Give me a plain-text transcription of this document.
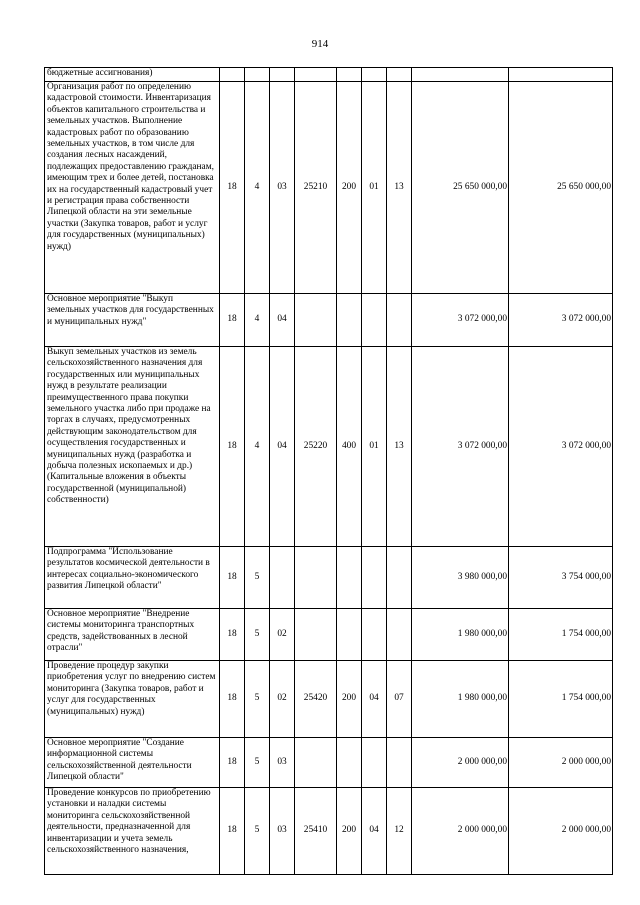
914
бюджетные ассигнования)									
Организация работ по определению кадастровой стоимости. Инвентаризация объектов капитального строительства и земельных участков. Выполнение кадастровых работ по образованию земельных участков, в том числе для создания лесных насаждений, подлежащих предоставлению гражданам, имеющим трех и более детей, постановка их на государственный кадастровый учет и регистрация права собственности Липецкой области на эти земельные участки (Закупка товаров, работ и услуг для государственных (муниципальных) нужд)	18	4	03	25210	200	01	13	25 650 000,00	25 650 000,00
Основное мероприятие "Выкуп земельных участков для государственных и муниципальных нужд"	18	4	04					3 072 000,00	3 072 000,00
Выкуп земельных участков из земель сельскохозяйственного назначения для государственных или муниципальных нужд в результате реализации преимущественного права покупки земельного участка либо при продаже на торгах в случаях, предусмотренных действующим законодательством для осуществления государственных и муниципальных нужд (разработка и добыча полезных ископаемых и др.) (Капитальные вложения в объекты государственной (муниципальной) собственности)	18	4	04	25220	400	01	13	3 072 000,00	3 072 000,00
Подпрограмма "Использование результатов космической деятельности в интересах социально-экономического развития Липецкой области"	18	5						3 980 000,00	3 754 000,00
Основное мероприятие "Внедрение системы мониторинга транспортных средств, задействованных в лесной отрасли"	18	5	02					1 980 000,00	1 754 000,00
Проведение процедур закупки приобретения услуг по внедрению систем мониторинга (Закупка товаров, работ и услуг для государственных (муниципальных) нужд)	18	5	02	25420	200	04	07	1 980 000,00	1 754 000,00
Основное мероприятие "Создание информационной системы сельскохозяйственной деятельности Липецкой области"	18	5	03					2 000 000,00	2 000 000,00
Проведение конкурсов по приобретению установки и наладки системы мониторинга сельскохозяйственной деятельности, предназначенной для инвентаризации и учета земель сельскохозяйственного назначения,	18	5	03	25410	200	04	12	2 000 000,00	2 000 000,00
